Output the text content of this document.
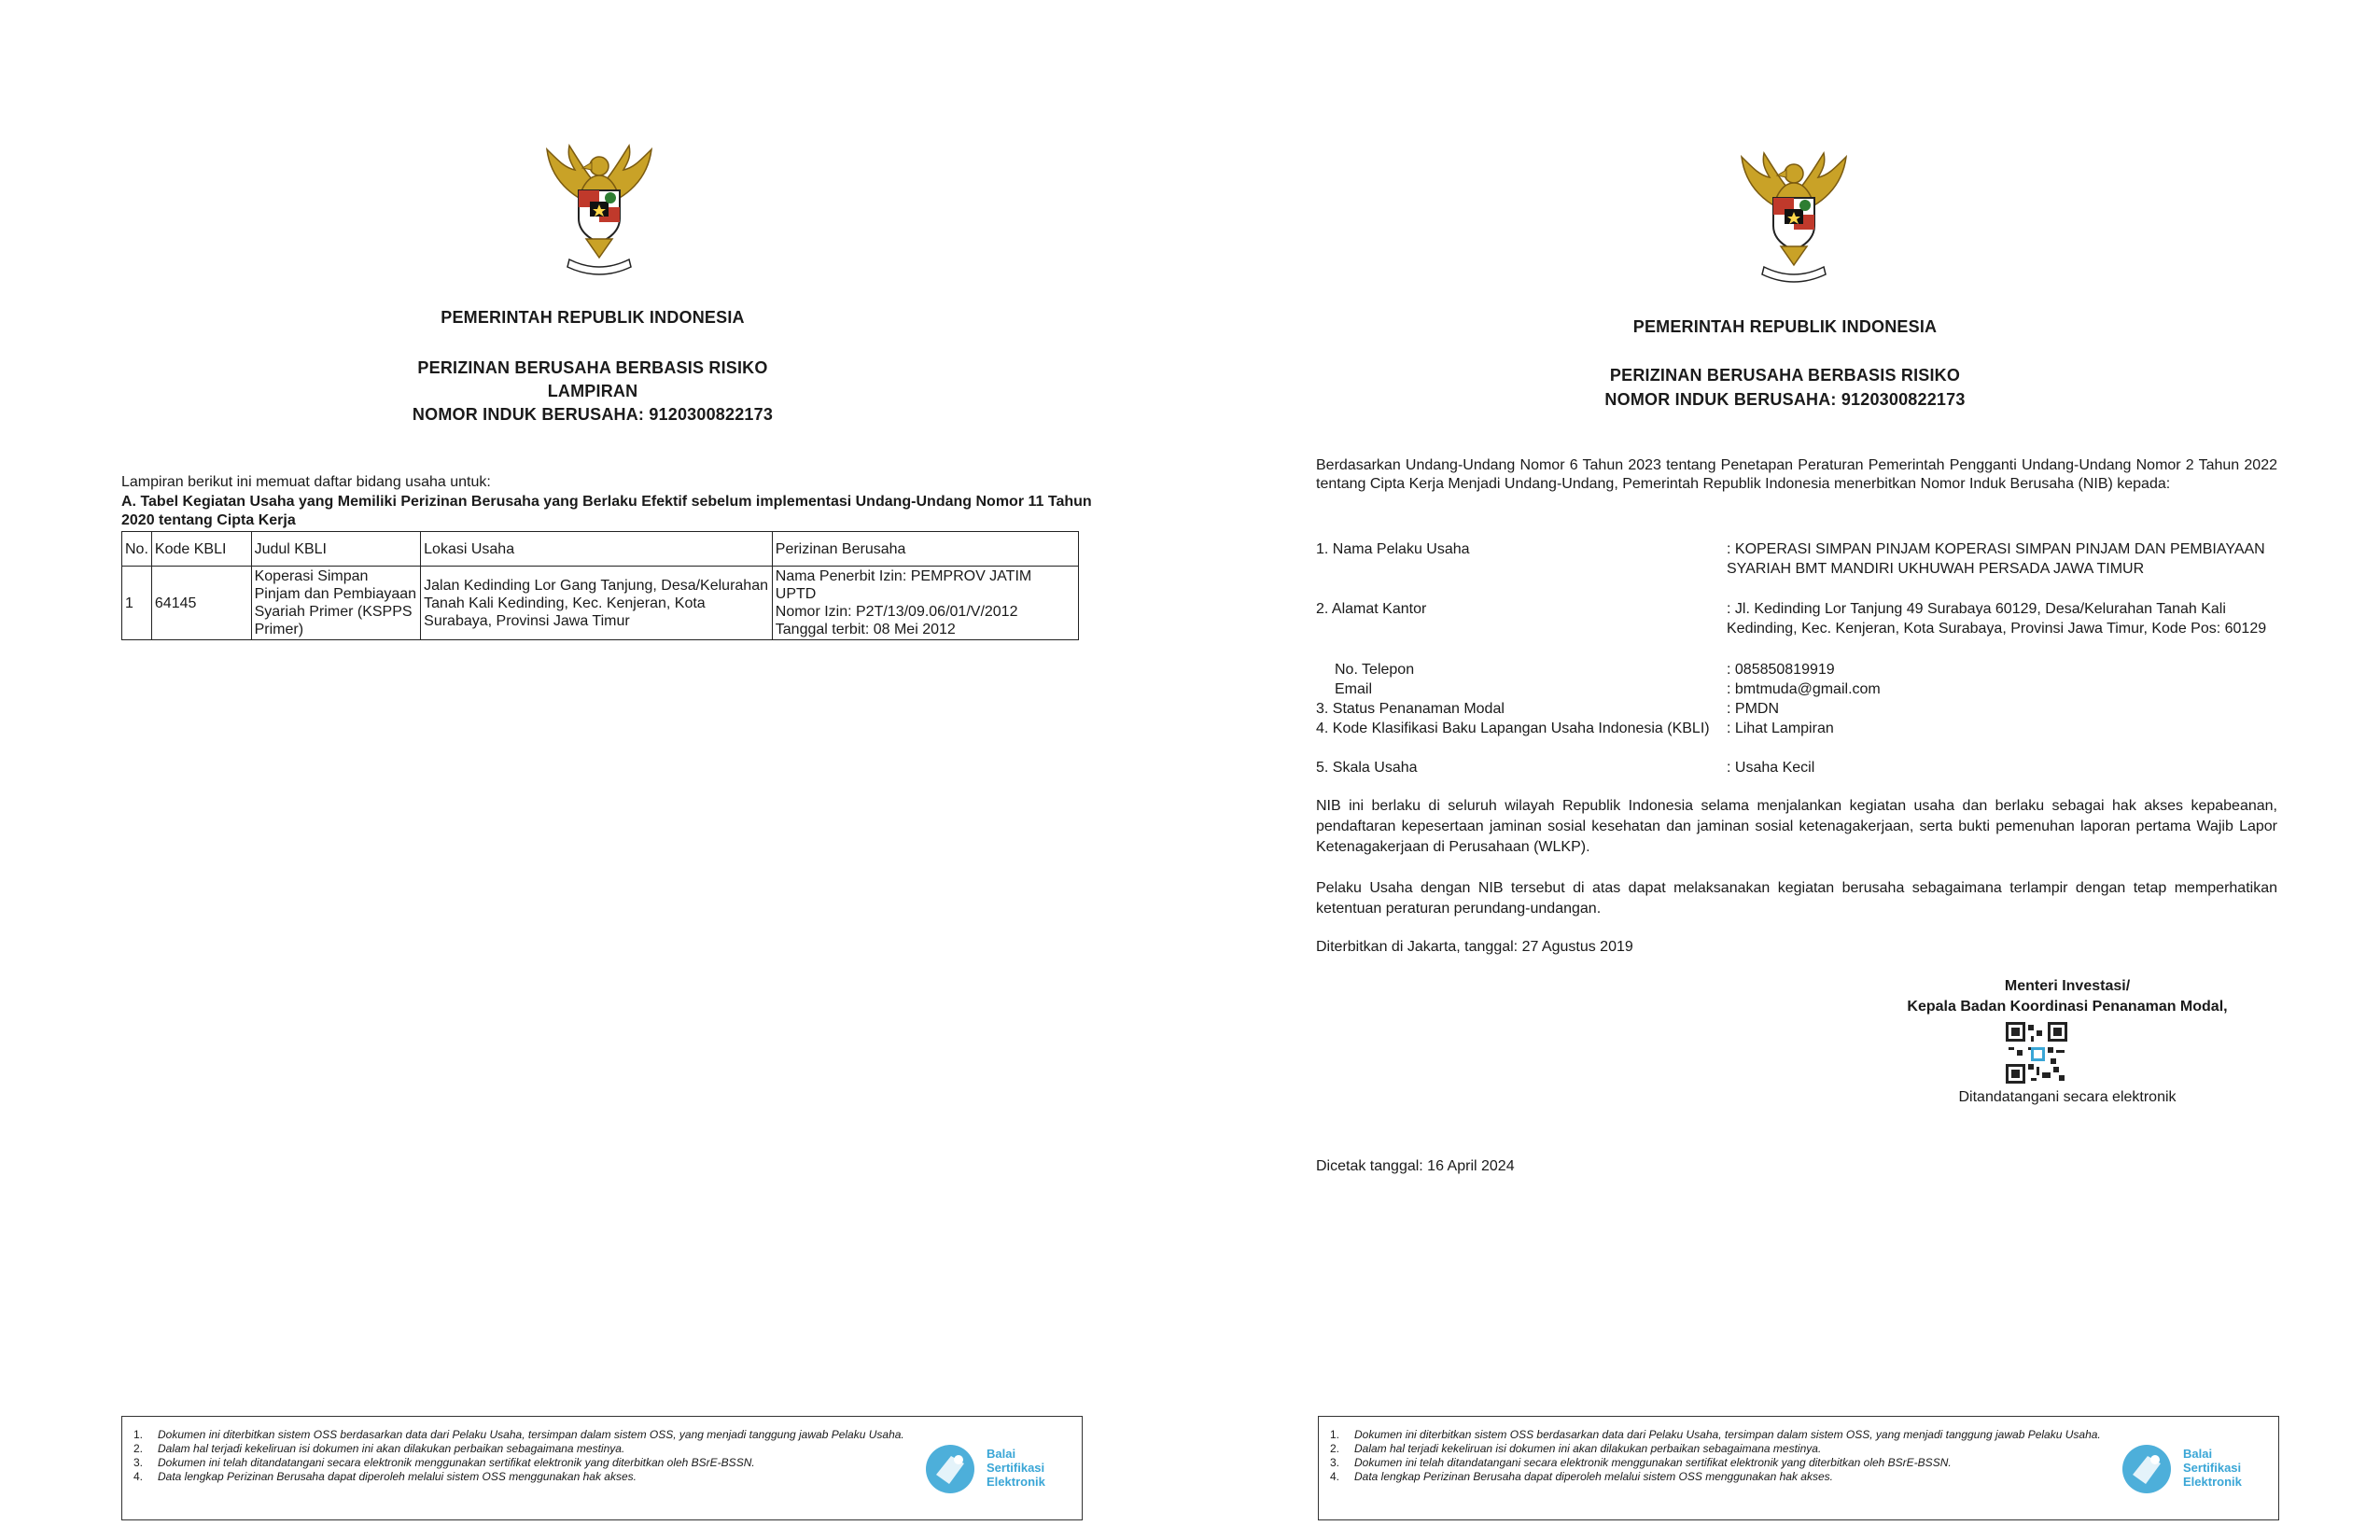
PEMERINTAH REPUBLIK INDONESIA
PERIZINAN BERUSAHA BERBASIS RISIKO
LAMPIRAN
NOMOR INDUK BERUSAHA: 9120300822173
Lampiran berikut ini memuat daftar bidang usaha untuk:
A. Tabel Kegiatan Usaha yang Memiliki Perizinan Berusaha yang Berlaku Efektif sebelum implementasi Undang-Undang Nomor 11 Tahun 2020 tentang Cipta Kerja
No.	Kode KBLI	Judul KBLI	Lokasi Usaha	Perizinan Berusaha
1	64145	Koperasi Simpan Pinjam dan Pembiayaan Syariah Primer (KSPPS Primer)	Jalan Kedinding Lor Gang Tanjung, Desa/Kelurahan Tanah Kali Kedinding, Kec. Kenjeran, Kota Surabaya, Provinsi Jawa Timur	Nama Penerbit Izin: PEMPROV JATIM UPTD
Nomor Izin: P2T/13/09.06/01/V/2012
Tanggal terbit: 08 Mei 2012
1.	Dokumen ini diterbitkan sistem OSS berdasarkan data dari Pelaku Usaha, tersimpan dalam sistem OSS, yang menjadi tanggung jawab Pelaku Usaha.
2.	Dalam hal terjadi kekeliruan isi dokumen ini akan dilakukan perbaikan sebagaimana mestinya.
3.	Dokumen ini telah ditandatangani secara elektronik menggunakan sertifikat elektronik yang diterbitkan oleh BSrE-BSSN.
4.	Data lengkap Perizinan Berusaha dapat diperoleh melalui sistem OSS menggunakan hak akses.
Balai
Sertifikasi
Elektronik
PEMERINTAH REPUBLIK INDONESIA
PERIZINAN BERUSAHA BERBASIS RISIKO
NOMOR INDUK BERUSAHA: 9120300822173
Berdasarkan Undang-Undang Nomor 6 Tahun 2023 tentang Penetapan Peraturan Pemerintah Pengganti Undang-Undang Nomor 2 Tahun 2022 tentang Cipta Kerja Menjadi Undang-Undang, Pemerintah Republik Indonesia menerbitkan Nomor Induk Berusaha (NIB) kepada:
1. Nama Pelaku Usaha	: KOPERASI SIMPAN PINJAM KOPERASI SIMPAN PINJAM DAN PEMBIAYAAN SYARIAH BMT MANDIRI UKHUWAH PERSADA JAWA TIMUR
2. Alamat Kantor	: Jl. Kedinding Lor Tanjung 49 Surabaya 60129, Desa/Kelurahan Tanah Kali Kedinding, Kec. Kenjeran, Kota Surabaya, Provinsi Jawa Timur, Kode Pos: 60129
No. Telepon	: 085850819919
Email	: bmtmuda@gmail.com
3. Status Penanaman Modal	: PMDN
4. Kode Klasifikasi Baku Lapangan Usaha Indonesia (KBLI)	: Lihat Lampiran
5. Skala Usaha	: Usaha Kecil
NIB ini berlaku di seluruh wilayah Republik Indonesia selama menjalankan kegiatan usaha dan berlaku sebagai hak akses kepabeanan, pendaftaran kepesertaan jaminan sosial kesehatan dan jaminan sosial ketenagakerjaan, serta bukti pemenuhan laporan pertama Wajib Lapor Ketenagakerjaan di Perusahaan (WLKP).
Pelaku Usaha dengan NIB tersebut di atas dapat melaksanakan kegiatan berusaha sebagaimana terlampir dengan tetap memperhatikan ketentuan peraturan perundang-undangan.
Diterbitkan di Jakarta, tanggal: 27 Agustus 2019
Menteri Investasi/
Kepala Badan Koordinasi Penanaman Modal,
Ditandatangani secara elektronik
Dicetak tanggal: 16 April 2024
1.	Dokumen ini diterbitkan sistem OSS berdasarkan data dari Pelaku Usaha, tersimpan dalam sistem OSS, yang menjadi tanggung jawab Pelaku Usaha.
2.	Dalam hal terjadi kekeliruan isi dokumen ini akan dilakukan perbaikan sebagaimana mestinya.
3.	Dokumen ini telah ditandatangani secara elektronik menggunakan sertifikat elektronik yang diterbitkan oleh BSrE-BSSN.
4.	Data lengkap Perizinan Berusaha dapat diperoleh melalui sistem OSS menggunakan hak akses.
Balai
Sertifikasi
Elektronik
